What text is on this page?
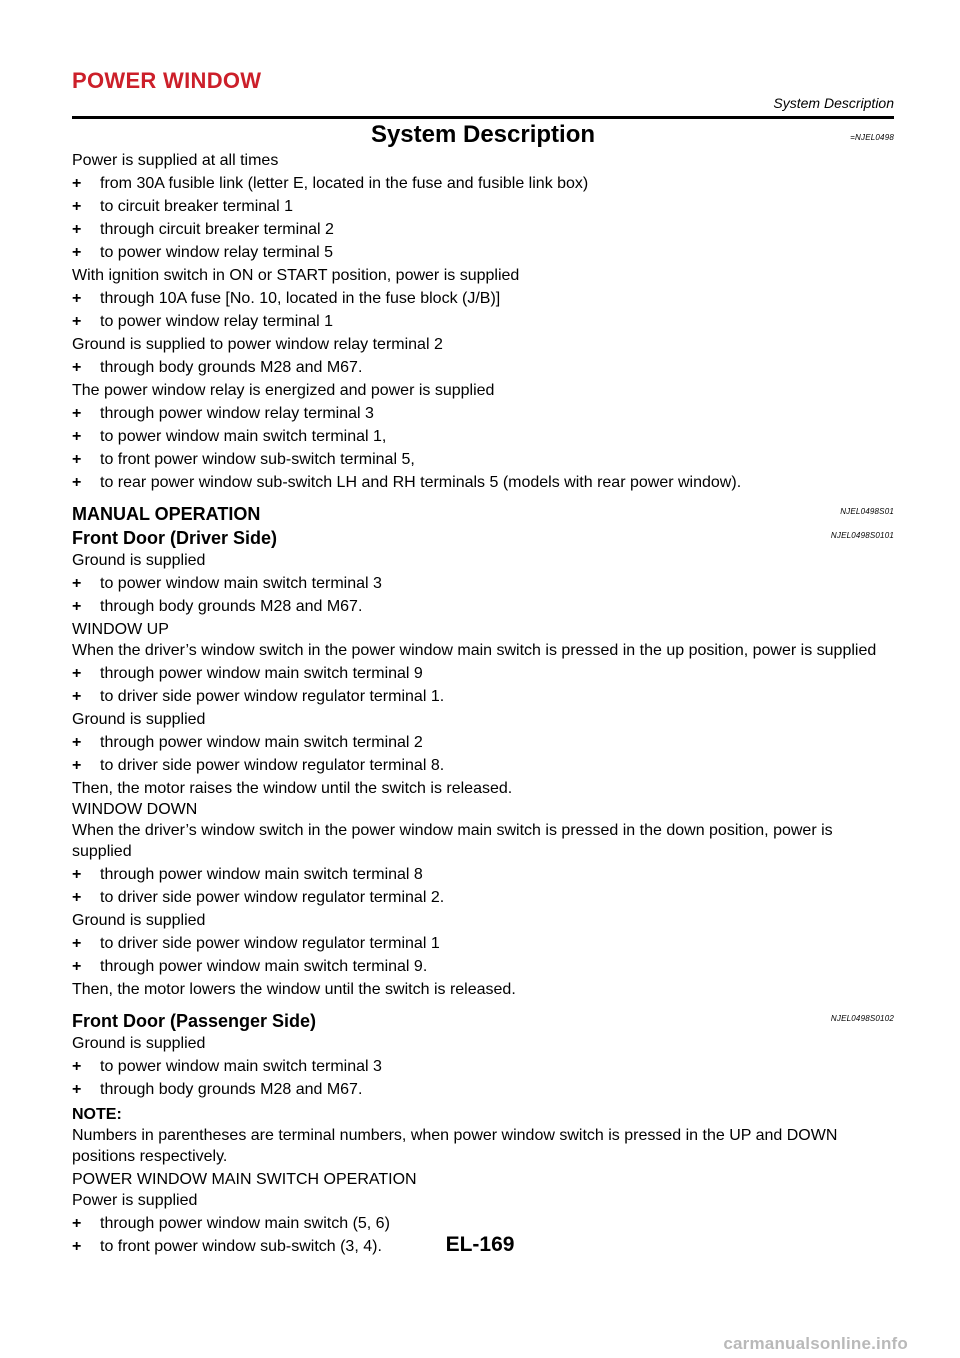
POWER WINDOW
System Description
System Description	=NJEL0498
Power is supplied at all times
+ from 30A fusible link (letter E, located in the fuse and fusible link box)
+ to circuit breaker terminal 1
+ through circuit breaker terminal 2
+ to power window relay terminal 5
With ignition switch in ON or START position, power is supplied
+ through 10A fuse [No. 10, located in the fuse block (J/B)]
+ to power window relay terminal 1
Ground is supplied to power window relay terminal 2
+ through body grounds M28 and M67.
The power window relay is energized and power is supplied
+ through power window relay terminal 3
+ to power window main switch terminal 1,
+ to front power window sub-switch terminal 5,
+ to rear power window sub-switch LH and RH terminals 5 (models with rear power window).
MANUAL OPERATION	NJEL0498S01
Front Door (Driver Side)	NJEL0498S0101
Ground is supplied
+ to power window main switch terminal 3
+ through body grounds M28 and M67.
WINDOW UP
When the driver’s window switch in the power window main switch is pressed in the up position, power is supplied
+ through power window main switch terminal 9
+ to driver side power window regulator terminal 1.
Ground is supplied
+ through power window main switch terminal 2
+ to driver side power window regulator terminal 8.
Then, the motor raises the window until the switch is released.
WINDOW DOWN
When the driver’s window switch in the power window main switch is pressed in the down position, power is supplied
+ through power window main switch terminal 8
+ to driver side power window regulator terminal 2.
Ground is supplied
+ to driver side power window regulator terminal 1
+ through power window main switch terminal 9.
Then, the motor lowers the window until the switch is released.
Front Door (Passenger Side)	NJEL0498S0102
Ground is supplied
+ to power window main switch terminal 3
+ through body grounds M28 and M67.
NOTE:
Numbers in parentheses are terminal numbers, when power window switch is pressed in the UP and DOWN positions respectively.
POWER WINDOW MAIN SWITCH OPERATION
Power is supplied
+ through power window main switch (5, 6)
+ to front power window sub-switch (3, 4).	EL-169
carmanualsonline.info
